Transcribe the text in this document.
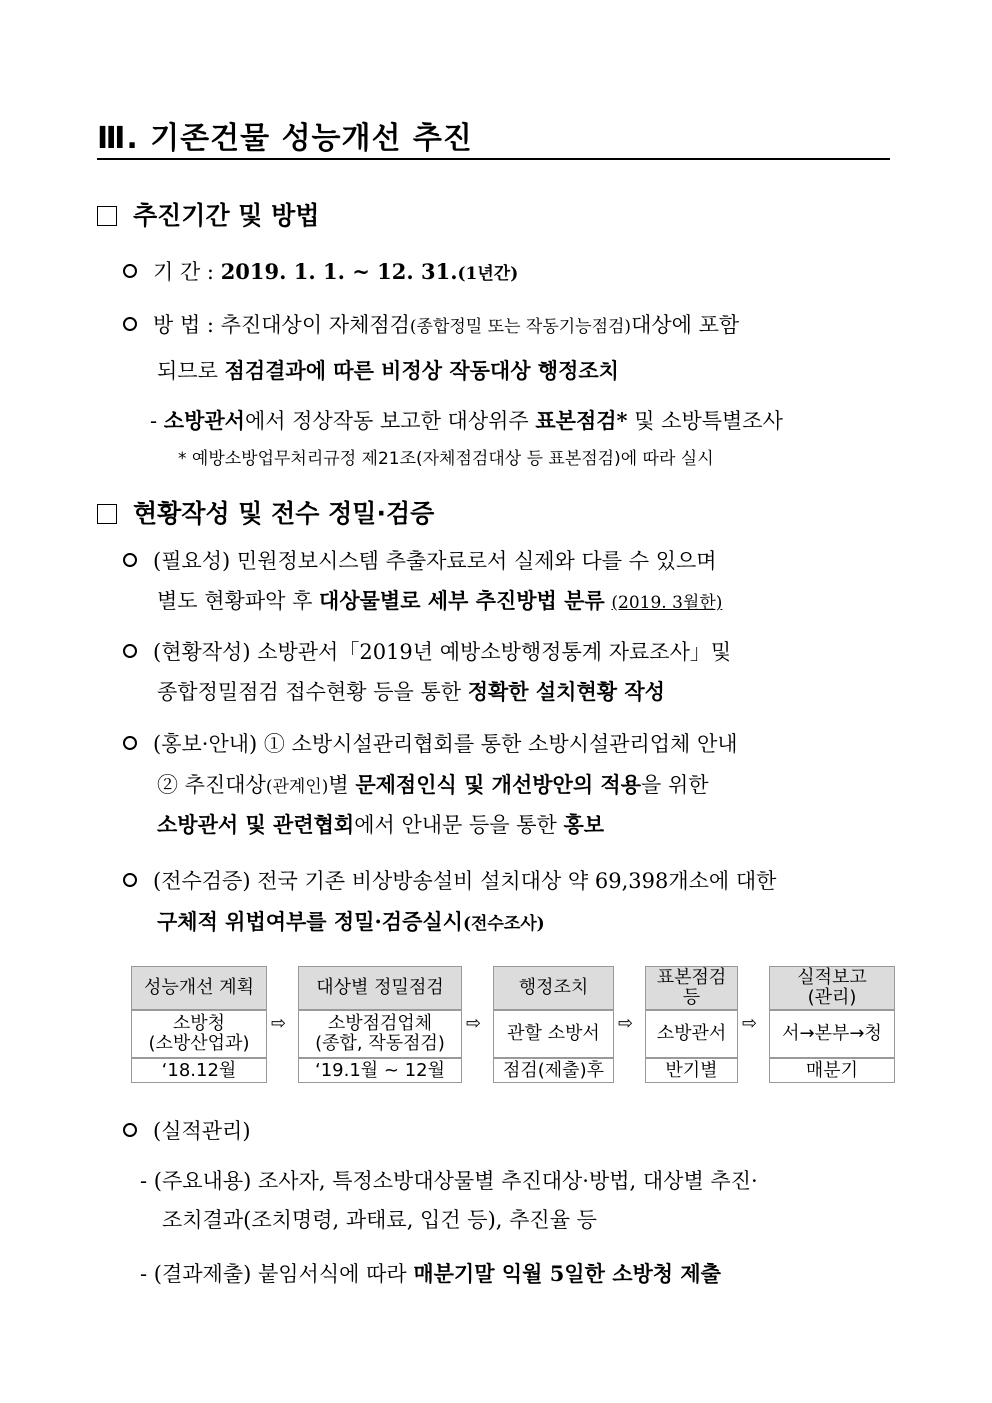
Ⅲ. 기존건물 성능개선 추진
추진기간 및 방법
기 간 : 2019. 1. 1. ~ 12. 31.(1년간)
방 법 : 추진대상이 자체점검(종합정밀 또는 작동기능점검)대상에 포함
되므로 점검결과에 따른 비정상 작동대상 행정조치
- 소방관서에서 정상작동 보고한 대상위주 표본점검* 및 소방특별조사
* 예방소방업무처리규정 제21조(자체점검대상 등 표본점검)에 따라 실시
현황작성 및 전수 정밀·검증
(필요성) 민원정보시스템 추출자료로서 실제와 다를 수 있으며
별도 현황파악 후 대상물별로 세부 추진방법 분류 (2019. 3월한)
(현황작성) 소방관서「2019년 예방소방행정통계 자료조사」및
종합정밀점검 접수현황 등을 통한 정확한 설치현황 작성
(홍보·안내) ① 소방시설관리협회를 통한 소방시설관리업체 안내
② 추진대상(관계인)별 문제점인식 및 개선방안의 적용을 위한
소방관서 및 관련협회에서 안내문 등을 통한 홍보
(전수검증) 전국 기존 비상방송설비 설치대상 약 69,398개소에 대한
구체적 위법여부를 정밀·검증실시(전수조사)
성능개선 계획
소방청
(소방산업과)
‘18.12월
⇨
대상별 정밀점검
소방점검업체
(종합, 작동점검)
‘19.1월 ~ 12월
⇨
행정조치
관할 소방서
점검(제출)후
⇨
표본점검
등
소방관서
반기별
⇨
실적보고
(관리)
서→본부→청
매분기
(실적관리)
- (주요내용) 조사자, 특정소방대상물별 추진대상·방법, 대상별 추진·
조치결과(조치명령, 과태료, 입건 등), 추진율 등
- (결과제출) 붙임서식에 따라 매분기말 익월 5일한 소방청 제출
